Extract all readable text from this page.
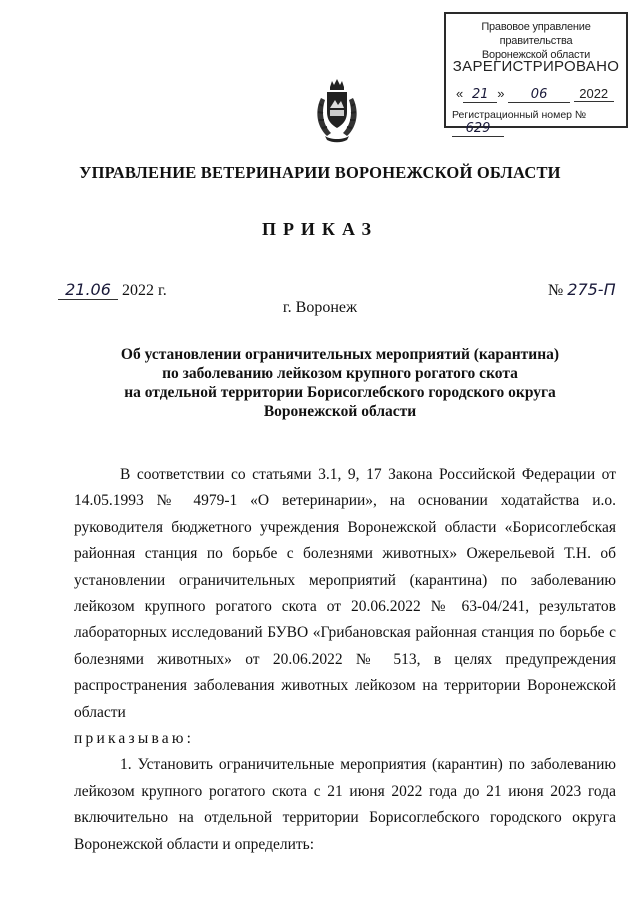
Правовое управление правительства
Воронежской области
ЗАРЕГИСТРИРОВАНО
« 21 » 06 2022
Регистрационный номер № 629
УПРАВЛЕНИЕ ВЕТЕРИНАРИИ ВОРОНЕЖСКОЙ ОБЛАСТИ
ПРИКАЗ
21.06 2022 г.	№ 275-П
г. Воронеж
Об установлении ограничительных мероприятий (карантина)
по заболеванию лейкозом крупного рогатого скота
на отдельной территории Борисоглебского городского округа
Воронежской области

В соответствии со статьями 3.1, 9, 17 Закона Российской Федерации от 14.05.1993 № 4979-1 «О ветеринарии», на основании ходатайства и.о. руководителя бюджетного учреждения Воронежской области «Борисоглебская районная станция по борьбе с болезнями животных» Ожерельевой Т.Н. об установлении ограничительных мероприятий (карантина) по заболеванию лейкозом крупного рогатого скота от 20.06.2022 № 63-04/241, результатов лабораторных исследований БУВО «Грибановская районная станция по борьбе с болезнями животных» от 20.06.2022 № 513, в целях предупреждения распространения заболевания животных лейкозом на территории Воронежской области

приказываю:

1. Установить ограничительные мероприятия (карантин) по заболеванию лейкозом крупного рогатого скота с 21 июня 2022 года до 21 июня 2023 года включительно на отдельной территории Борисоглебского городского округа Воронежской области и определить:
